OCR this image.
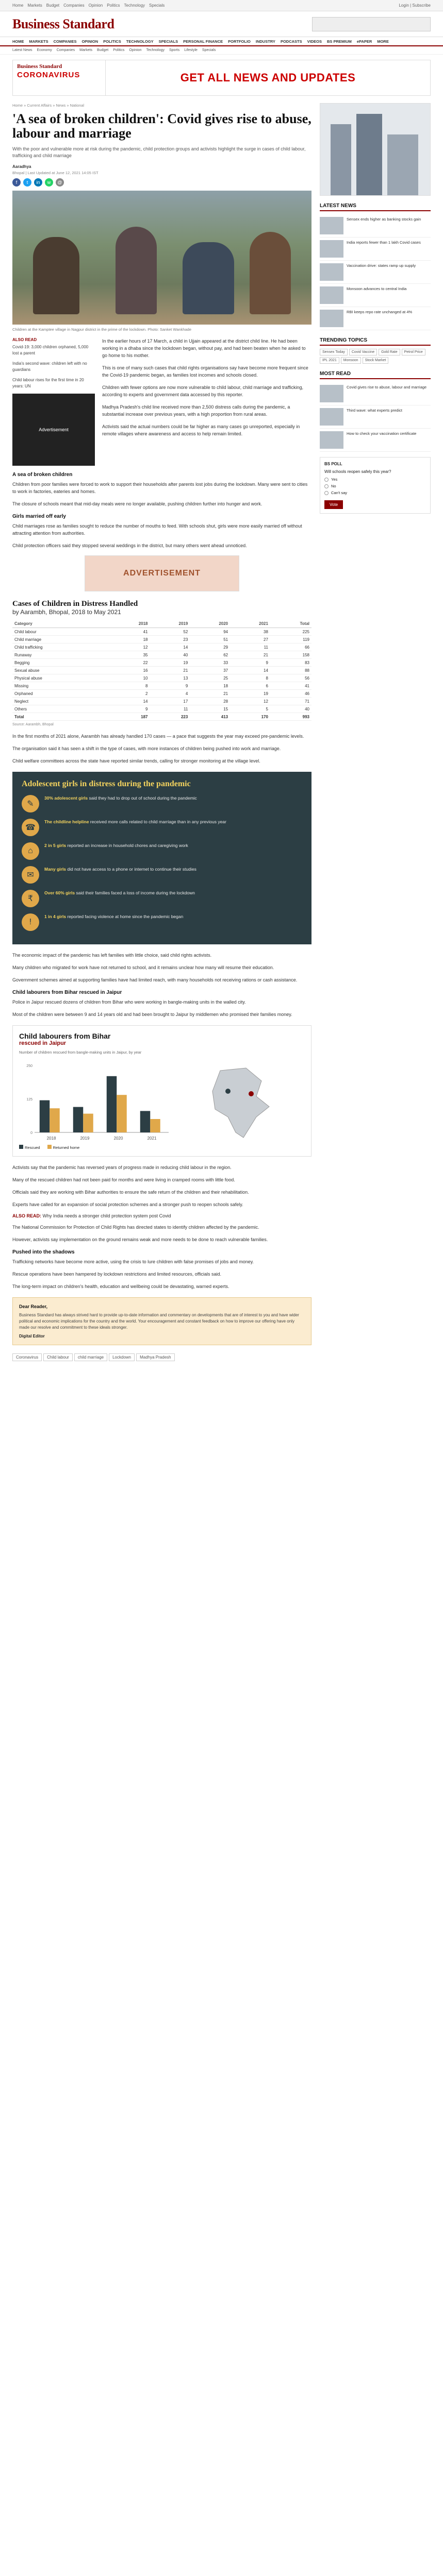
Home Markets Budget Companies Opinion Politics Technology Specials	Login | Subscribe
Business Standard
HOME MARKETS COMPANIES OPINION POLITICS TECHNOLOGY SPECIALS PERSONAL FINANCE PORTFOLIO INDUSTRY PODCASTS VIDEOS BS PREMIUM ePAPER MORE
Latest News Economy Companies Markets Budget Politics Opinion Technology Sports Lifestyle Specials
Business Standard
CORONAVIRUS	GET ALL NEWS AND UPDATES
Home » Current Affairs » News » National
'A sea of broken children': Covid gives rise to abuse, labour and marriage
With the poor and vulnerable more at risk during the pandemic, child protection groups and activists highlight the surge in cases of child labour, trafficking and child marriage
Aaradhya
Bhopal | Last Updated at June 12, 2021 14:05 IST
f	t	in	w	@
Children at the Kamptee village in Nagpur district in the prime of the lockdown. Photo: Sanket Wankhade
ALSO READ

Covid-19: 3,000 children orphaned, 5,000 lost a parent

India's second wave: children left with no guardians

Child labour rises for the first time in 20 years: UN

Advertisement

In the earlier hours of 17 March, a child in Ujjain appeared at the district child line. He had been working in a dhaba since the lockdown began, without pay, and had been beaten when he asked to go home to his mother.

This is one of many such cases that child rights organisations say have become more frequent since the Covid-19 pandemic began, as families lost incomes and schools closed.

Children with fewer options are now more vulnerable to child labour, child marriage and trafficking, according to experts and government data accessed by this reporter.

Madhya Pradesh's child line received more than 2,500 distress calls during the pandemic, a substantial increase over previous years, with a high proportion from rural areas.

Activists said the actual numbers could be far higher as many cases go unreported, especially in remote villages where awareness and access to help remain limited.

A sea of broken children

Children from poor families were forced to work to support their households after parents lost jobs during the lockdown. Many were sent to cities to work in factories, eateries and homes.

The closure of schools meant that mid-day meals were no longer available, pushing children further into hunger and work.

Girls married off early

Child marriages rose as families sought to reduce the number of mouths to feed. With schools shut, girls were more easily married off without attracting attention from authorities.

Child protection officers said they stopped several weddings in the district, but many others went ahead unnoticed.

ADVERTISEMENT
Cases of Children in Distress Handled
by Aarambh, Bhopal, 2018 to May 2021
Category	2018	2019	2020	2021	Total
Child labour	41	52	94	38	225
Child marriage	18	23	51	27	119
Child trafficking	12	14	29	11	66
Runaway	35	40	62	21	158
Begging	22	19	33	9	83
Sexual abuse	16	21	37	14	88
Physical abuse	10	13	25	8	56
Missing	8	9	18	6	41
Orphaned	2	4	21	19	46
Neglect	14	17	28	12	71
Others	9	11	15	5	40
Total	187	223	413	170	993
Source: Aarambh, Bhopal

In the first months of 2021 alone, Aarambh has already handled 170 cases — a pace that suggests the year may exceed pre-pandemic levels.

The organisation said it has seen a shift in the type of cases, with more instances of children being pushed into work and marriage.

Child welfare committees across the state have reported similar trends, calling for stronger monitoring at the village level.

Adolescent girls in distress during the pandemic
✎

30% adolescent girls said they had to drop out of school during the pandemic

☎

The childline helpline received more calls related to child marriage than in any previous year

⌂

2 in 5 girls reported an increase in household chores and caregiving work

✉

Many girls did not have access to a phone or internet to continue their studies

₹

Over 60% girls said their families faced a loss of income during the lockdown

!

1 in 4 girls reported facing violence at home since the pandemic began

The economic impact of the pandemic has left families with little choice, said child rights activists.

Many children who migrated for work have not returned to school, and it remains unclear how many will resume their education.

Government schemes aimed at supporting families have had limited reach, with many households not receiving rations or cash assistance.

Child labourers from Bihar rescued in Jaipur

Police in Jaipur rescued dozens of children from Bihar who were working in bangle-making units in the walled city.

Most of the children were between 9 and 14 years old and had been brought to Jaipur by middlemen who promised their families money.

Child labourers from Bihar
rescued in Jaipur
Number of children rescued from bangle-making units in Jaipur, by year
2018	2019	2020	2021
0
125
250
Rescued	Returned home

Activists say that the pandemic has reversed years of progress made in reducing child labour in the region.

Many of the rescued children had not been paid for months and were living in cramped rooms with little food.

Officials said they are working with Bihar authorities to ensure the safe return of the children and their rehabilitation.

Experts have called for an expansion of social protection schemes and a stronger push to reopen schools safely.

ALSO READ: Why India needs a stronger child protection system post Covid

The National Commission for Protection of Child Rights has directed states to identify children affected by the pandemic.

However, activists say implementation on the ground remains weak and more needs to be done to reach vulnerable families.

Pushed into the shadows

Trafficking networks have become more active, using the crisis to lure children with false promises of jobs and money.

Rescue operations have been hampered by lockdown restrictions and limited resources, officials said.

The long-term impact on children's health, education and wellbeing could be devastating, warned experts.

Dear Reader,

Business Standard has always strived hard to provide up-to-date information and commentary on developments that are of interest to you and have wider political and economic implications for the country and the world. Your encouragement and constant feedback on how to improve our offering have only made our resolve and commitment to these ideals stronger.

Digital Editor
Coronavirus Child labour child marriage Lockdown Madhya Pradesh
LATEST NEWS
Sensex ends higher as banking stocks gain
India reports fewer than 1 lakh Covid cases
Vaccination drive: states ramp up supply
Monsoon advances to central India
RBI keeps repo rate unchanged at 4%
TRENDING TOPICS
Sensex Today	Covid Vaccine	Gold Rate	Petrol Price
IPL 2021	Monsoon	Stock Market
MOST READ
Covid gives rise to abuse, labour and marriage
Third wave: what experts predict
How to check your vaccination certificate
BS POLL
Will schools reopen safely this year?
Yes
No
Can't say
Vote
